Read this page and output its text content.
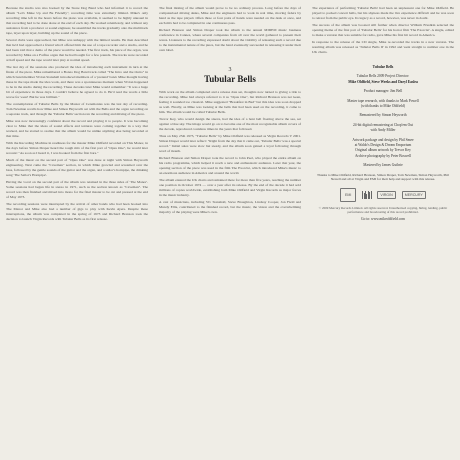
Because the studio was also booked by the Stone Dog Band who had informed it to record the album "Let's Make Up and Be Friendly", recording time was extremely limited. Mike's only recording time left in the hours before the piano was available, it seemed to be highly unusual in that recording had to be done alone at the end of each day. He worked relentlessly, and without any assistance from a producer or sound engineer, he assembled the tracks gradually onto the multitrack tape, layer upon layer, building up the sound of the piece.

Several clubs were approached, but Mike was unhappy with the limited results. He then described that he'd had approached a friend who'd offered him the use of a tape recorder and a studio, and he had been told that a demo of the piece would be needed. The first track, his piece of the organ, was recorded by Mike on a Farfisa organ that he had bought for a few pounds. The tracks were recorded at half speed and the tape would later play at normal speed.

The last day of the sessions also produced the idea of introducing each instrument in turn at the finale of the piece. Mike remembered a Bonzo Dog Band track called "The Intro and the Outro" in which band member Vivian Stanshall introduced members of a 'pretend' band. Mike thought having these in the tape made the idea work, and there was a spontaneous moment when Vivian happened to be in the studio during the recording. These decades later Mike would remember: "It was a huge bit of experience in those days. I couldn't believe he agreed to do it. He'd read the words a little worse for wear! But he was brilliant."

The contemplation of Tubular Bells by the Master of Ceremonies was the last day of recording. Tom Newman recalls how Mike and Simon Heyworth sat with the Bells and the organ recording on a separate track, and through the 'Tubular Bells' section ran the recording and mixing of the piece.

Mike was now increasingly confident about the record and playing it to people. It was becoming clear to Mike that the ideas of sound effects and textures were coming together in a way that worked, and he started to realise that the album would be unlike anything else being recorded at that time.

With the Recording Machine in readiness for the master Mike Oldfield recorded on This Manor, in the days before Simon Draper heard the rough mix of the first part of "Opus One", he would later recount: "As soon as I heard it, I was hooked from the first bars."

Much of the music on the second part of "Opus One" was done at night with Simon Heyworth engineering. Next came the "Caveman" section, in which Mike growled and screamed over the bass, followed by the gentle sounds of the guitar and the organ, and a sailor's hornpipe, the drinking song 'The Sailor's Hornpipe'.

Having the vocal on the second part of the album was retained in the three sides of 'The Manor'. Some sessions had begun life in stereo in 1971, such as the section known as "Caveman". The record was then finished and mixed into mono for the final master to be cut and pressed at the end of May 1973.

The recording sessions were interrupted by the arrival of other bands who had been booked into The Manor and Mike also had a number of gigs to play with Kevin Ayers. Despite these interruptions, the album was completed in the spring of 1973 and Richard Branson took the decision to launch Virgin Records with Tubular Bells as its first release.

The final mixing of the album would prove to be no ordinary process. Long before the days of computerised mixing desks, Mike and the engineers had to work in real time, moving faders by hand as the tape played. Often three or four pairs of hands were needed on the desk at once, and each mix had to be completed in one continuous pass.

Richard Branson and Simon Draper took the album to the annual MIDEM music business conference in Cannes, where several companies from all over the world gathered to present their wares. Listeners to the recording expressed doubt about the viability of releasing such a record due to the instrumental nature of the piece, but the band eventually succeeded in releasing it under their own label.

3
Tubular Bells

With work on the album completed and a release date set, thoughts now turned to giving a title to the recording. Mike had always referred to it as "Opus One", but Richard Branson was not keen, feeling it sounded too classical. Mike suggested "Breakfast in Bed" but this idea was soon dropped as well. Finally, as Mike was looking at the bells that had been used on the recording, it came to him. The album would be called Tubular Bells.

Trevor Key, who would design the sleeve, had the idea of a bent bell floating above the sea, set against a blue sky. The image would go on to become one of the most recognisable album covers of the decade, reproduced countless times in the years that followed.

Thus on May 25th 1973, "Tubular Bells" by Mike Oldfield was released as Virgin Records V 2001. Simon Draper would later reflect: "Right from the day that it came out, 'Tubular Bells' was a special record." Initial sales were slow but steady, and the album soon gained a loyal following through word of mouth.

Richard Branson and Simon Draper took the record to John Peel, who played the entire album on his radio programme, which helped it reach a new and enthusiastic audience. Later that year, the opening section of the piece was used in the film The Exorcist, which introduced Mike's music to an enormous audience in America and around the world.

The album entered the UK charts and remained there for more than five years, reaching the number one position in October 1974 — over a year after its release. By the end of the decade it had sold millions of copies worldwide, establishing both Mike Oldfield and Virgin Records as major forces in the music industry.

A cast of musicians, including Viv Stanshall, Steve Broughton, Lindsay Cooper, Jon Field and Mundy Ellis, contributed to the finished record, but the music, the vision and the overwhelming majority of the playing were Mike's own.

The experience of performing 'Tubular Bells' had been an unpleasant one for Mike Oldfield. He played to packed concert halls, but his shyness made the live experience difficult and he was soon to retreat from the public eye. Its legacy as a record, however, was never in doubt.

The success of the album was boosted still further when director William Friedkin selected the opening theme of the first part of 'Tubular Bells' for his horror film 'The Exorcist'. A single, edited to make a version that was suitable for radio, gave Mike his first hit record in America.

In response to the release of the CD single, Mike re-recorded the tracks in a new version. The resulting album was released as 'Tubular Bells II' in 1992 and went straight to number one in the UK charts.

Tubular Bells

Tubular Bells 2009 Project Director:

Mike Oldfield, Steve Weeks and Daryl Easlea

Product manager: Jim Bell

Master tape research, with thanks to Mark Powell

(with thanks to Mike Oldfield)

Remastered by Simon Heyworth

24-bit digital remastering at Chop'em Out

with Andy Miller

Artwork package and design by Phil Smee

at Waldo's Design & Dream Emporium

Original album artwork by Trevor Key

Archive photography by Peter Boswell

Mastered by James Guthrie

Thanks to Mike Oldfield, Richard Branson, Simon Draper, Tom Newman, Simon Heyworth, Phil Newell and all at Virgin and EMI for their help and support with this release.

EMI	VIRGIN	MERCURY

© 2009 Mercury Records Limited. All rights reserved. Unauthorised copying, hiring, lending, public performance and broadcasting of this record prohibited.

Go to: www.mikeoldfield.com
